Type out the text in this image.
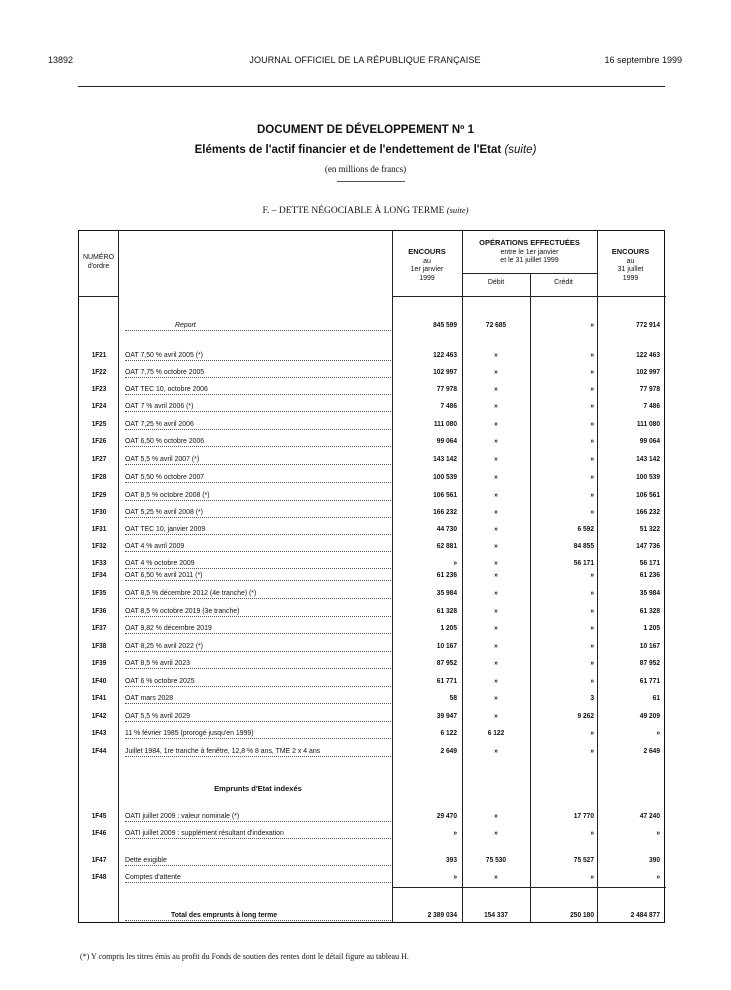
13892	JOURNAL OFFICIEL DE LA RÉPUBLIQUE FRANÇAISE	16 septembre 1999
DOCUMENT DE DÉVELOPPEMENT Nº 1
Eléments de l'actif financier et de l'endettement de l'Etat (suite)
(en millions de francs)
F. – DETTE NÉGOCIABLE À LONG TERME (suite)
NUMÉRO
d'ordre
ENCOURS
au
1er janvier
1999
OPÉRATIONS EFFECTUÉES
entre le 1er janvier
et le 31 juillet 1999
Débit	Crédit
ENCOURS
au
31 juillet
1999
Report	845 599	72 685	»	772 914
1F21	OAT 7,50 % avril 2005 (*)	122 463	»	»	122 463
1F22	OAT 7,75 % octobre 2005	102 997	»	»	102 997
1F23	OAT TEC 10, octobre 2006	77 978	»	»	77 978
1F24	OAT 7 % avril 2006 (*)	7 486	»	»	7 486
1F25	OAT 7,25 % avril 2006	111 080	»	»	111 080
1F26	OAT 6,50 % octobre 2006	99 064	»	»	99 064
1F27	OAT 5,5 % avril 2007 (*)	143 142	»	»	143 142
1F28	OAT 5,50 % octobre 2007	100 539	»	»	100 539
1F29	OAT 8,5 % octobre 2008 (*)	106 561	»	»	106 561
1F30	OAT 5,25 % avril 2008 (*)	166 232	»	»	166 232
1F31	OAT TEC 10, janvier 2009	44 730	»	6 592	51 322
1F32	OAT 4 % avril 2009	62 881	»	84 855	147 736
1F33	OAT 4 % octobre 2009	»	»	56 171	56 171
1F34	OAT 6,50 % avril 2011 (*)	61 236	»	»	61 236
1F35	OAT 8,5 % décembre 2012 (4e tranche) (*)	35 984	»	»	35 984
1F36	OAT 8,5 % octobre 2019 (3e tranche)	61 328	»	»	61 328
1F37	OAT 9,82 % décembre 2019	1 205	»	»	1 205
1F38	OAT 8,25 % avril 2022 (*)	10 167	»	»	10 167
1F39	OAT 8,5 % avril 2023	87 952	»	»	87 952
1F40	OAT 6 % octobre 2025	61 771	»	»	61 771
1F41	OAT mars 2028	58	»	3	61
1F42	OAT 5,5 % avril 2029	39 947	»	9 262	49 209
1F43	11 % février 1985 (prorogé jusqu'en 1999)	6 122	6 122	»	»
1F44	Juillet 1984, 1re tranche à fenêtre, 12,8 % 8 ans, TME 2 x 4 ans	2 649	»	»	2 649
Emprunts d'Etat indexés
1F45	OATI juillet 2009 : valeur nominale (*)	29 470	»	17 770	47 240
1F46	OATI juillet 2009 : supplément résultant d'indexation	»	»	»	»
1F47	Dette exigible	393	75 530	75 527	390
1F48	Comptes d'attente	»	»	»	»
Total des emprunts à long terme	2 389 034	154 337	250 180	2 484 877

(*) Y compris les titres émis au profit du Fonds de soutien des rentes dont le détail figure au tableau H.
